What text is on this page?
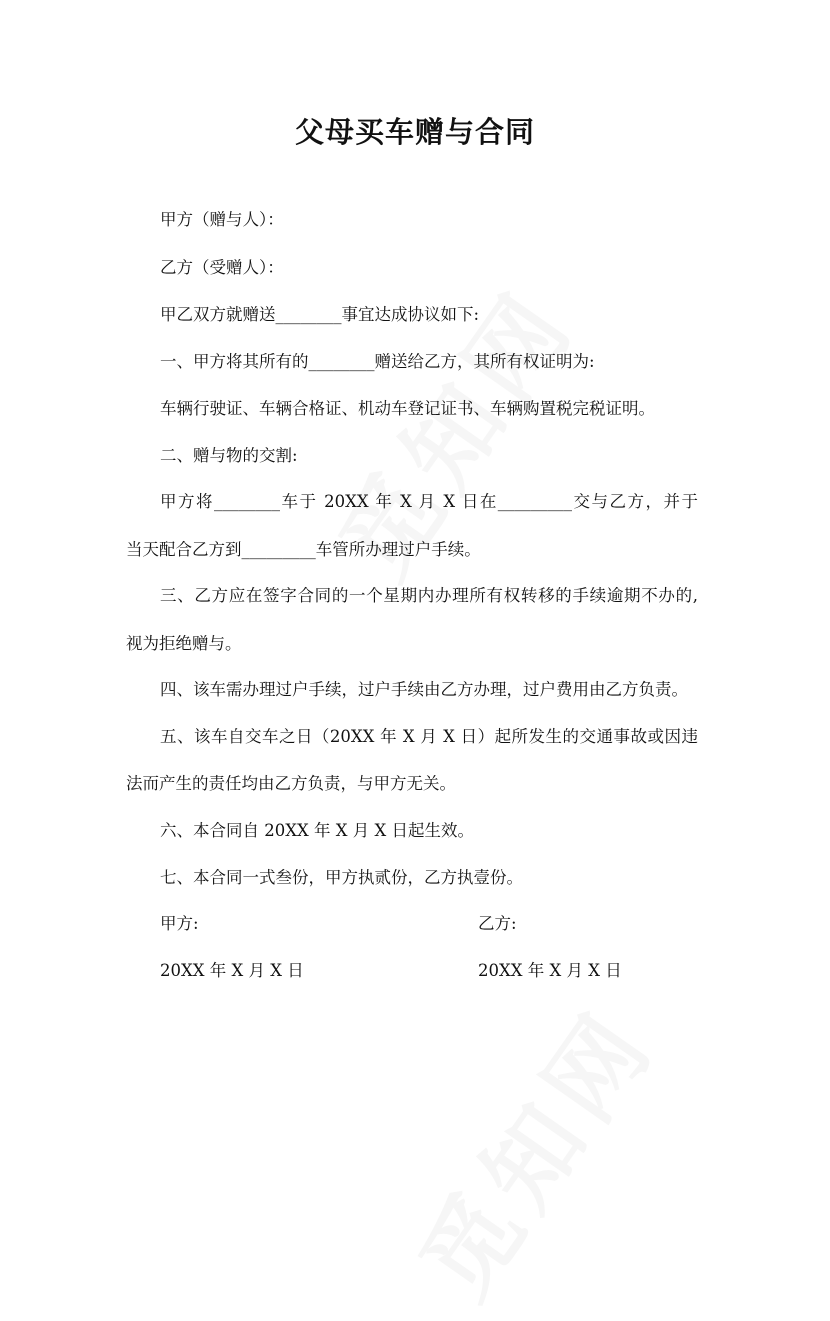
父母买车赠与合同
甲方（赠与人）：
乙方（受赠人）：
甲乙双方就赠送________事宜达成协议如下:
一、甲方将其所有的________赠送给乙方，其所有权证明为:
车辆行驶证、车辆合格证、机动车登记证书、车辆购置税完税证明。
二、赠与物的交割:
甲方将________车于 20XX 年 X 月 X 日在_________交与乙方，并于
当天配合乙方到_________车管所办理过户手续。
三、乙方应在签字合同的一个星期内办理所有权转移的手续逾期不办的,
视为拒绝赠与。
四、该车需办理过户手续，过户手续由乙方办理，过户费用由乙方负责。
五、该车自交车之日（20XX 年 X 月 X 日）起所发生的交通事故或因违
法而产生的责任均由乙方负责，与甲方无关。
六、本合同自 20XX 年 X 月 X 日起生效。
七、本合同一式叁份，甲方执贰份，乙方执壹份。
甲方:	乙方:
20XX 年 X 月 X 日	20XX 年 X 月 X 日
